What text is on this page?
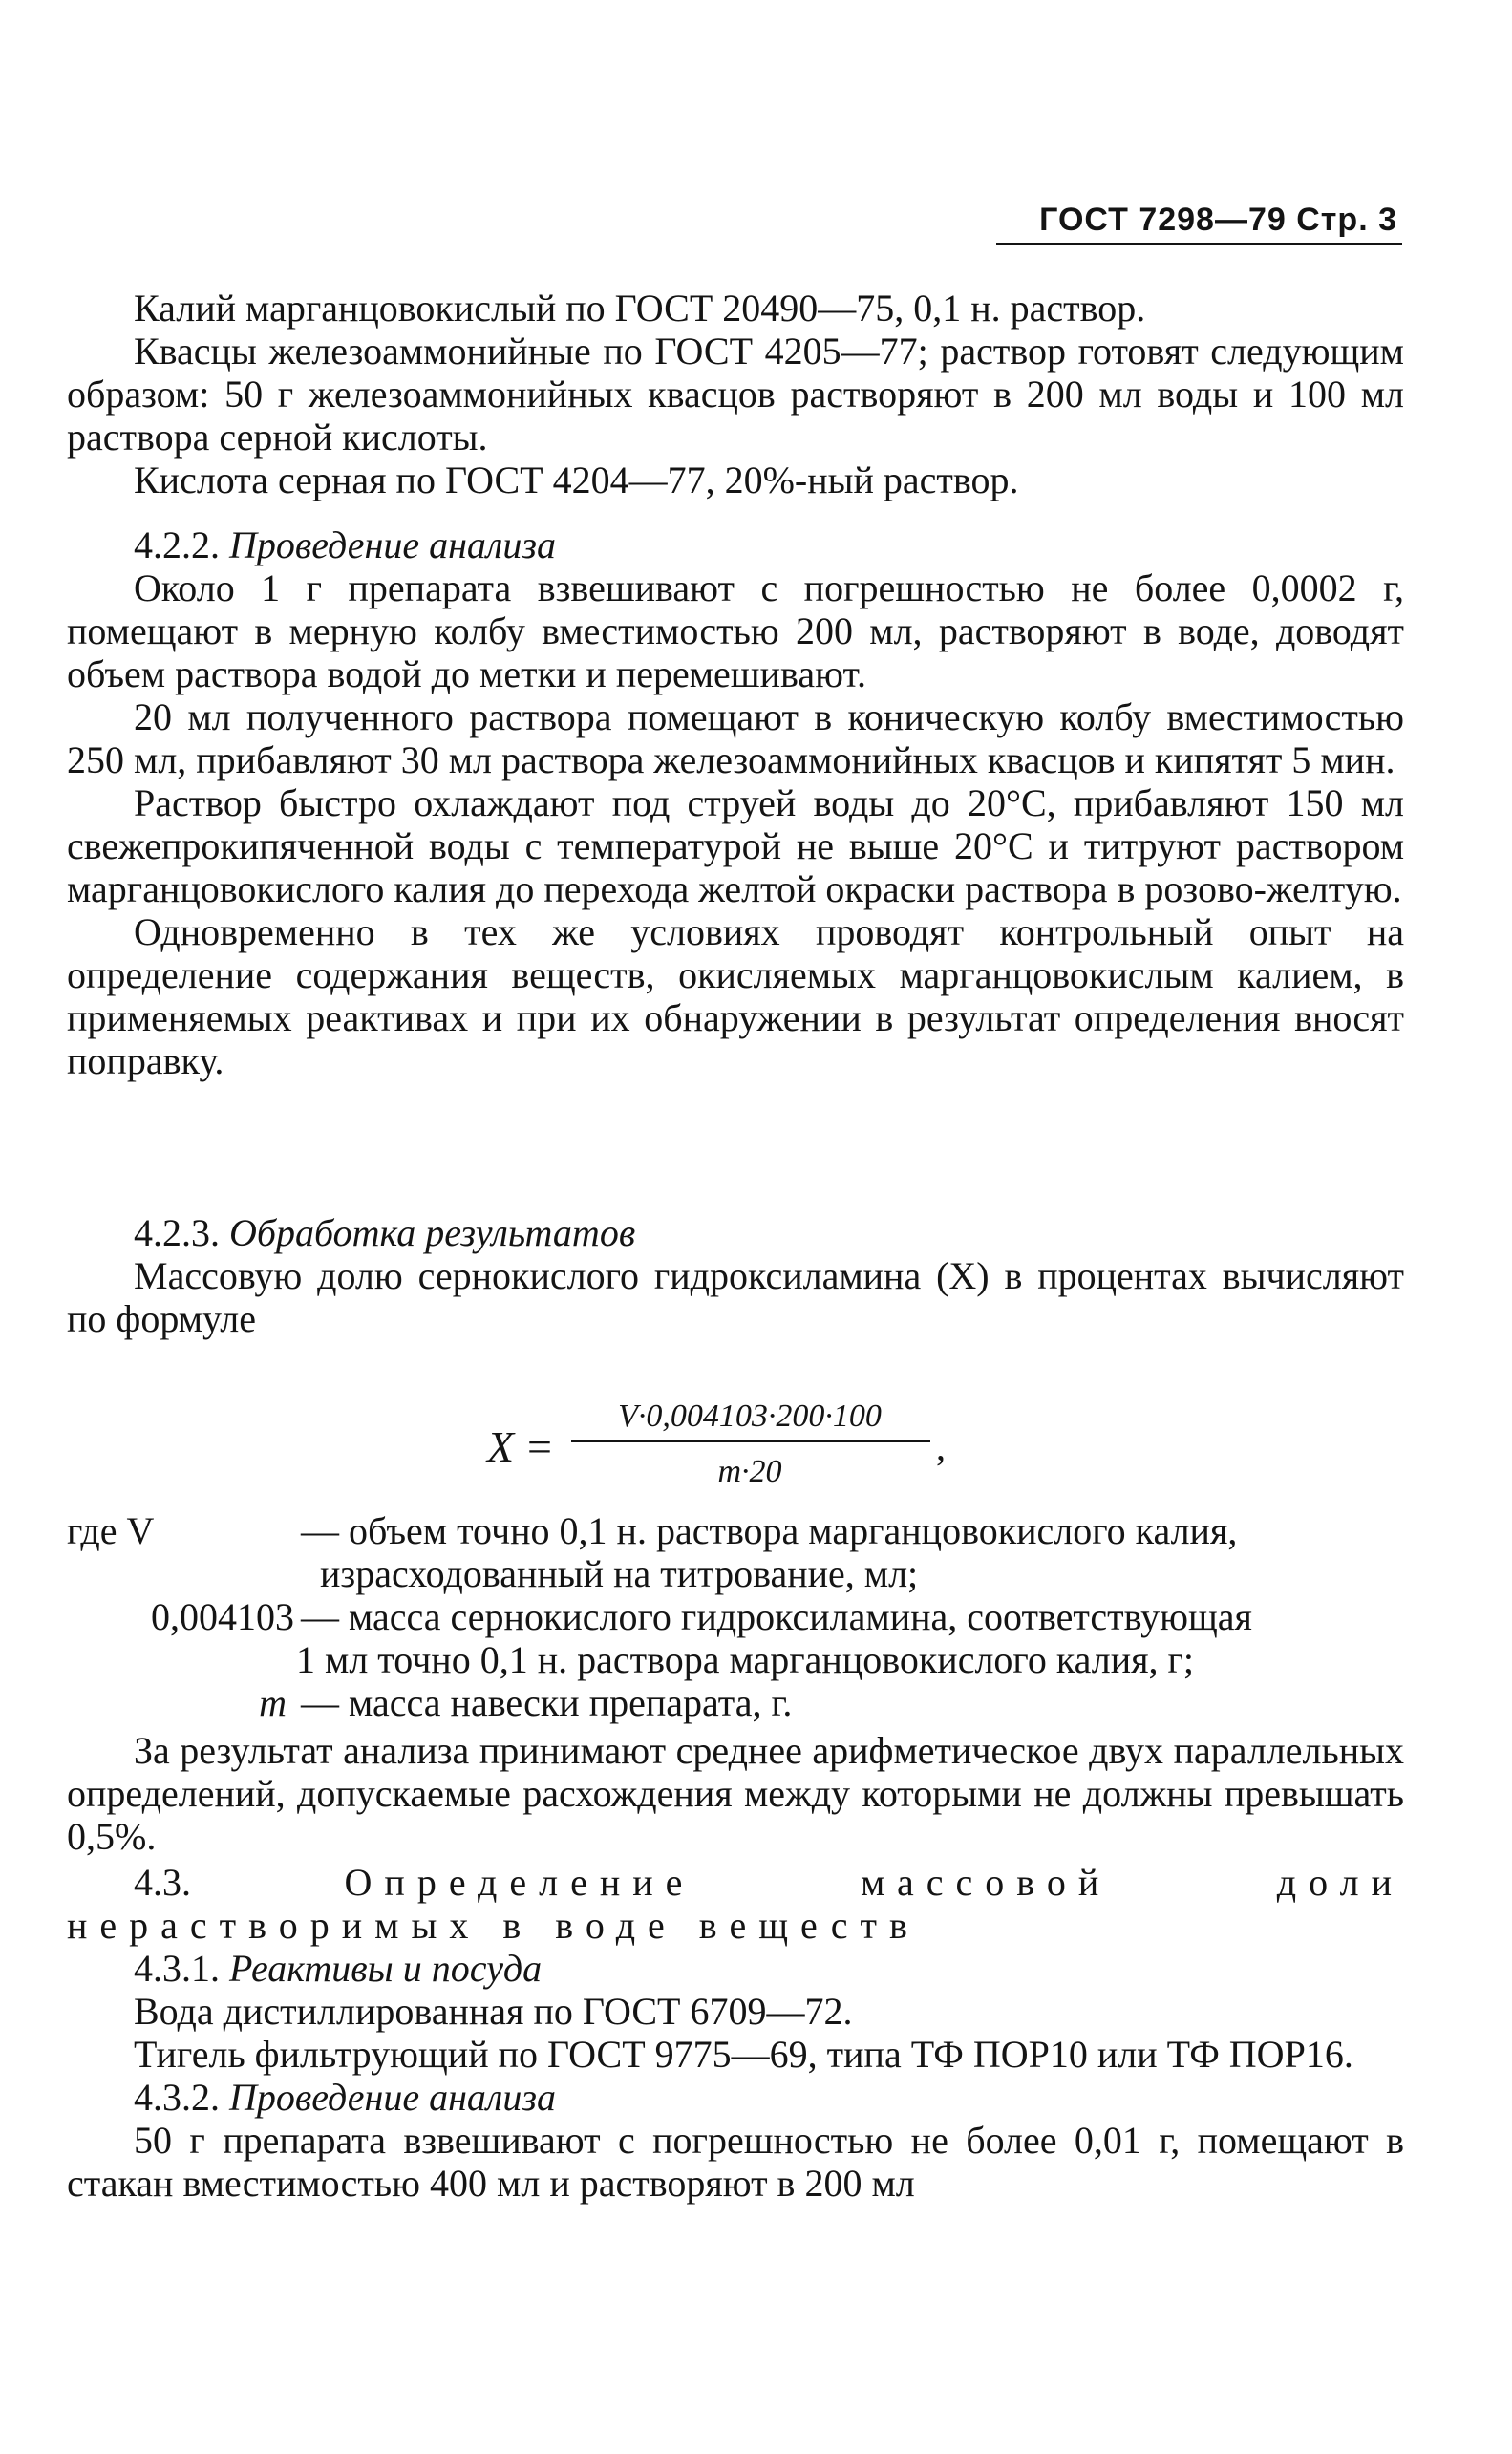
ГОСТ 7298—79 Стр. 3

Калий марганцовокислый по ГОСТ 20490—75, 0,1 н. раствор.

Квасцы железоаммонийные по ГОСТ 4205—77; раствор готовят следующим образом: 50 г железоаммонийных квасцов растворяют в 200 мл воды и 100 мл раствора серной кислоты.

Кислота серная по ГОСТ 4204—77, 20%-ный раствор.

4.2.2. Проведение анализа

Около 1 г препарата взвешивают с погрешностью не более 0,0002 г, помещают в мерную колбу вместимостью 200 мл, растворяют в воде, доводят объем раствора водой до метки и перемешивают.

20 мл полученного раствора помещают в коническую колбу вместимостью 250 мл, прибавляют 30 мл раствора железоаммонийных квасцов и кипятят 5 мин.

Раствор быстро охлаждают под струей воды до 20°С, прибавляют 150 мл свежепрокипяченной воды с температурой не выше 20°С и титруют раствором марганцовокислого калия до перехода желтой окраски раствора в розово-желтую.

Одновременно в тех же условиях проводят контрольный опыт на определение содержания веществ, окисляемых марганцовокислым калием, в применяемых реактивах и при их обнаружении в результат определения вносят поправку.

4.2.3. Обработка результатов

Массовую долю сернокислого гидроксиламина (X) в процентах вычисляют по формуле

X =
V·0,004103·200·100
m·20
,
где V	— объем точно 0,1 н. раствора марганцовокислого калия,
израсходованный на титрование, мл;
0,004103 — масса сернокислого гидроксиламина, соответствующая
1 мл точно 0,1 н. раствора марганцовокислого калия, г;
m — масса навески препарата, г.

За результат анализа принимают среднее арифметическое двух параллельных определений, допускаемые расхождения между которыми не должны превышать 0,5%.

4.3.	Определение массовой доли нерастворимых в воде веществ

4.3.1. Реактивы и посуда

Вода дистиллированная по ГОСТ 6709—72.

Тигель фильтрующий по ГОСТ 9775—69, типа ТФ ПОР10 или ТФ ПОР16.

4.3.2. Проведение анализа

50 г препарата взвешивают с погрешностью не более 0,01 г, помещают в стакан вместимостью 400 мл и растворяют в 200 мл
